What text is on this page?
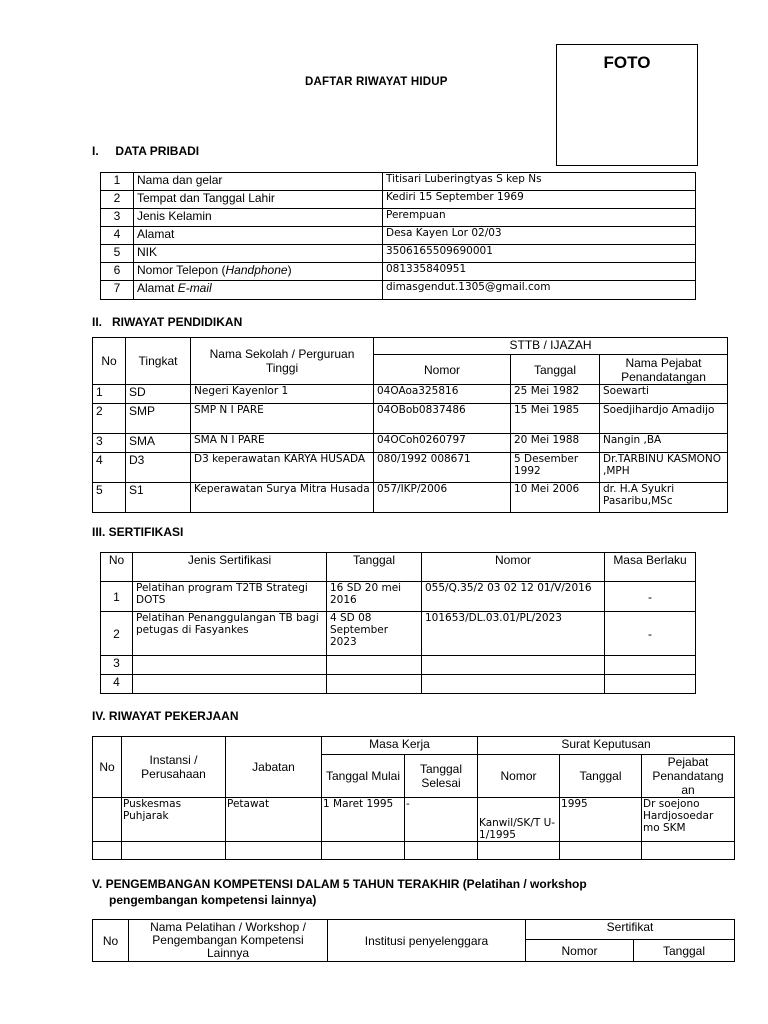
FOTO
DAFTAR RIWAYAT HIDUP
I.     DATA PRIBADI
1	Nama dan gelar	Titisari Luberingtyas S kep Ns
2	Tempat dan Tanggal Lahir	Kediri 15 September 1969
3	Jenis Kelamin	Perempuan
4	Alamat	Desa Kayen Lor 02/03
5	NIK	3506165509690001
6	Nomor Telepon (Handphone)	081335840951
7	Alamat E-mail	dimasgendut.1305@gmail.com
II.   RIWAYAT PENDIDIKAN
No	Tingkat	Nama Sekolah / Perguruan Tinggi	STTB / IJAZAH		
			Nomor	Tanggal	Nama Pejabat Penandatangan
1	SD	Negeri Kayenlor 1	04OAoa325816	25 Mei 1982	Soewarti
2	SMP	SMP N I PARE	04OBob0837486	15 Mei 1985	Soedjihardjo Amadijo
3	SMA	SMA N I PARE	04OCoh0260797	20 Mei 1988	Nangin ,BA
4	D3	D3 keperawatan KARYA HUSADA	080/1992 008671	5 Desember 1992	Dr.TARBINU KASMONO ,MPH
5	S1	Keperawatan Surya Mitra Husada	057/IKP/2006	10 Mei 2006	dr. H.A Syukri Pasaribu,MSc
III. SERTIFIKASI
No	Jenis Sertifikasi	Tanggal	Nomor	Masa Berlaku
1	Pelatihan program T2TB Strategi DOTS	16 SD 20 mei 2016	055/Q.35/2 03 02 12 01/V/2016	-
2	Pelatihan Penanggulangan TB bagi petugas di Fasyankes	4 SD 08 September 2023	101653/DL.03.01/PL/2023	-
3				
4				
IV. RIWAYAT PEKERJAAN
No	Instansi / Perusahaan	Jabatan	Masa Kerja		Surat Keputusan		
			Tanggal Mulai	Tanggal Selesai	Nomor	Tanggal	Pejabat Penandatang an
	Puskesmas Puhjarak	Petawat	1 Maret 1995	-	Kanwil/SK/T U-1/1995	1995	Dr soejono Hardjosoedar mo SKM

V. PENGEMBANGAN KOMPETENSI DALAM 5 TAHUN TERAKHIR (Pelatihan / workshop
pengembangan kompetensi lainnya)
No	Nama Pelatihan / Workshop / Pengembangan Kompetensi Lainnya	Institusi penyelenggara	Sertifikat	
			Nomor	Tanggal
